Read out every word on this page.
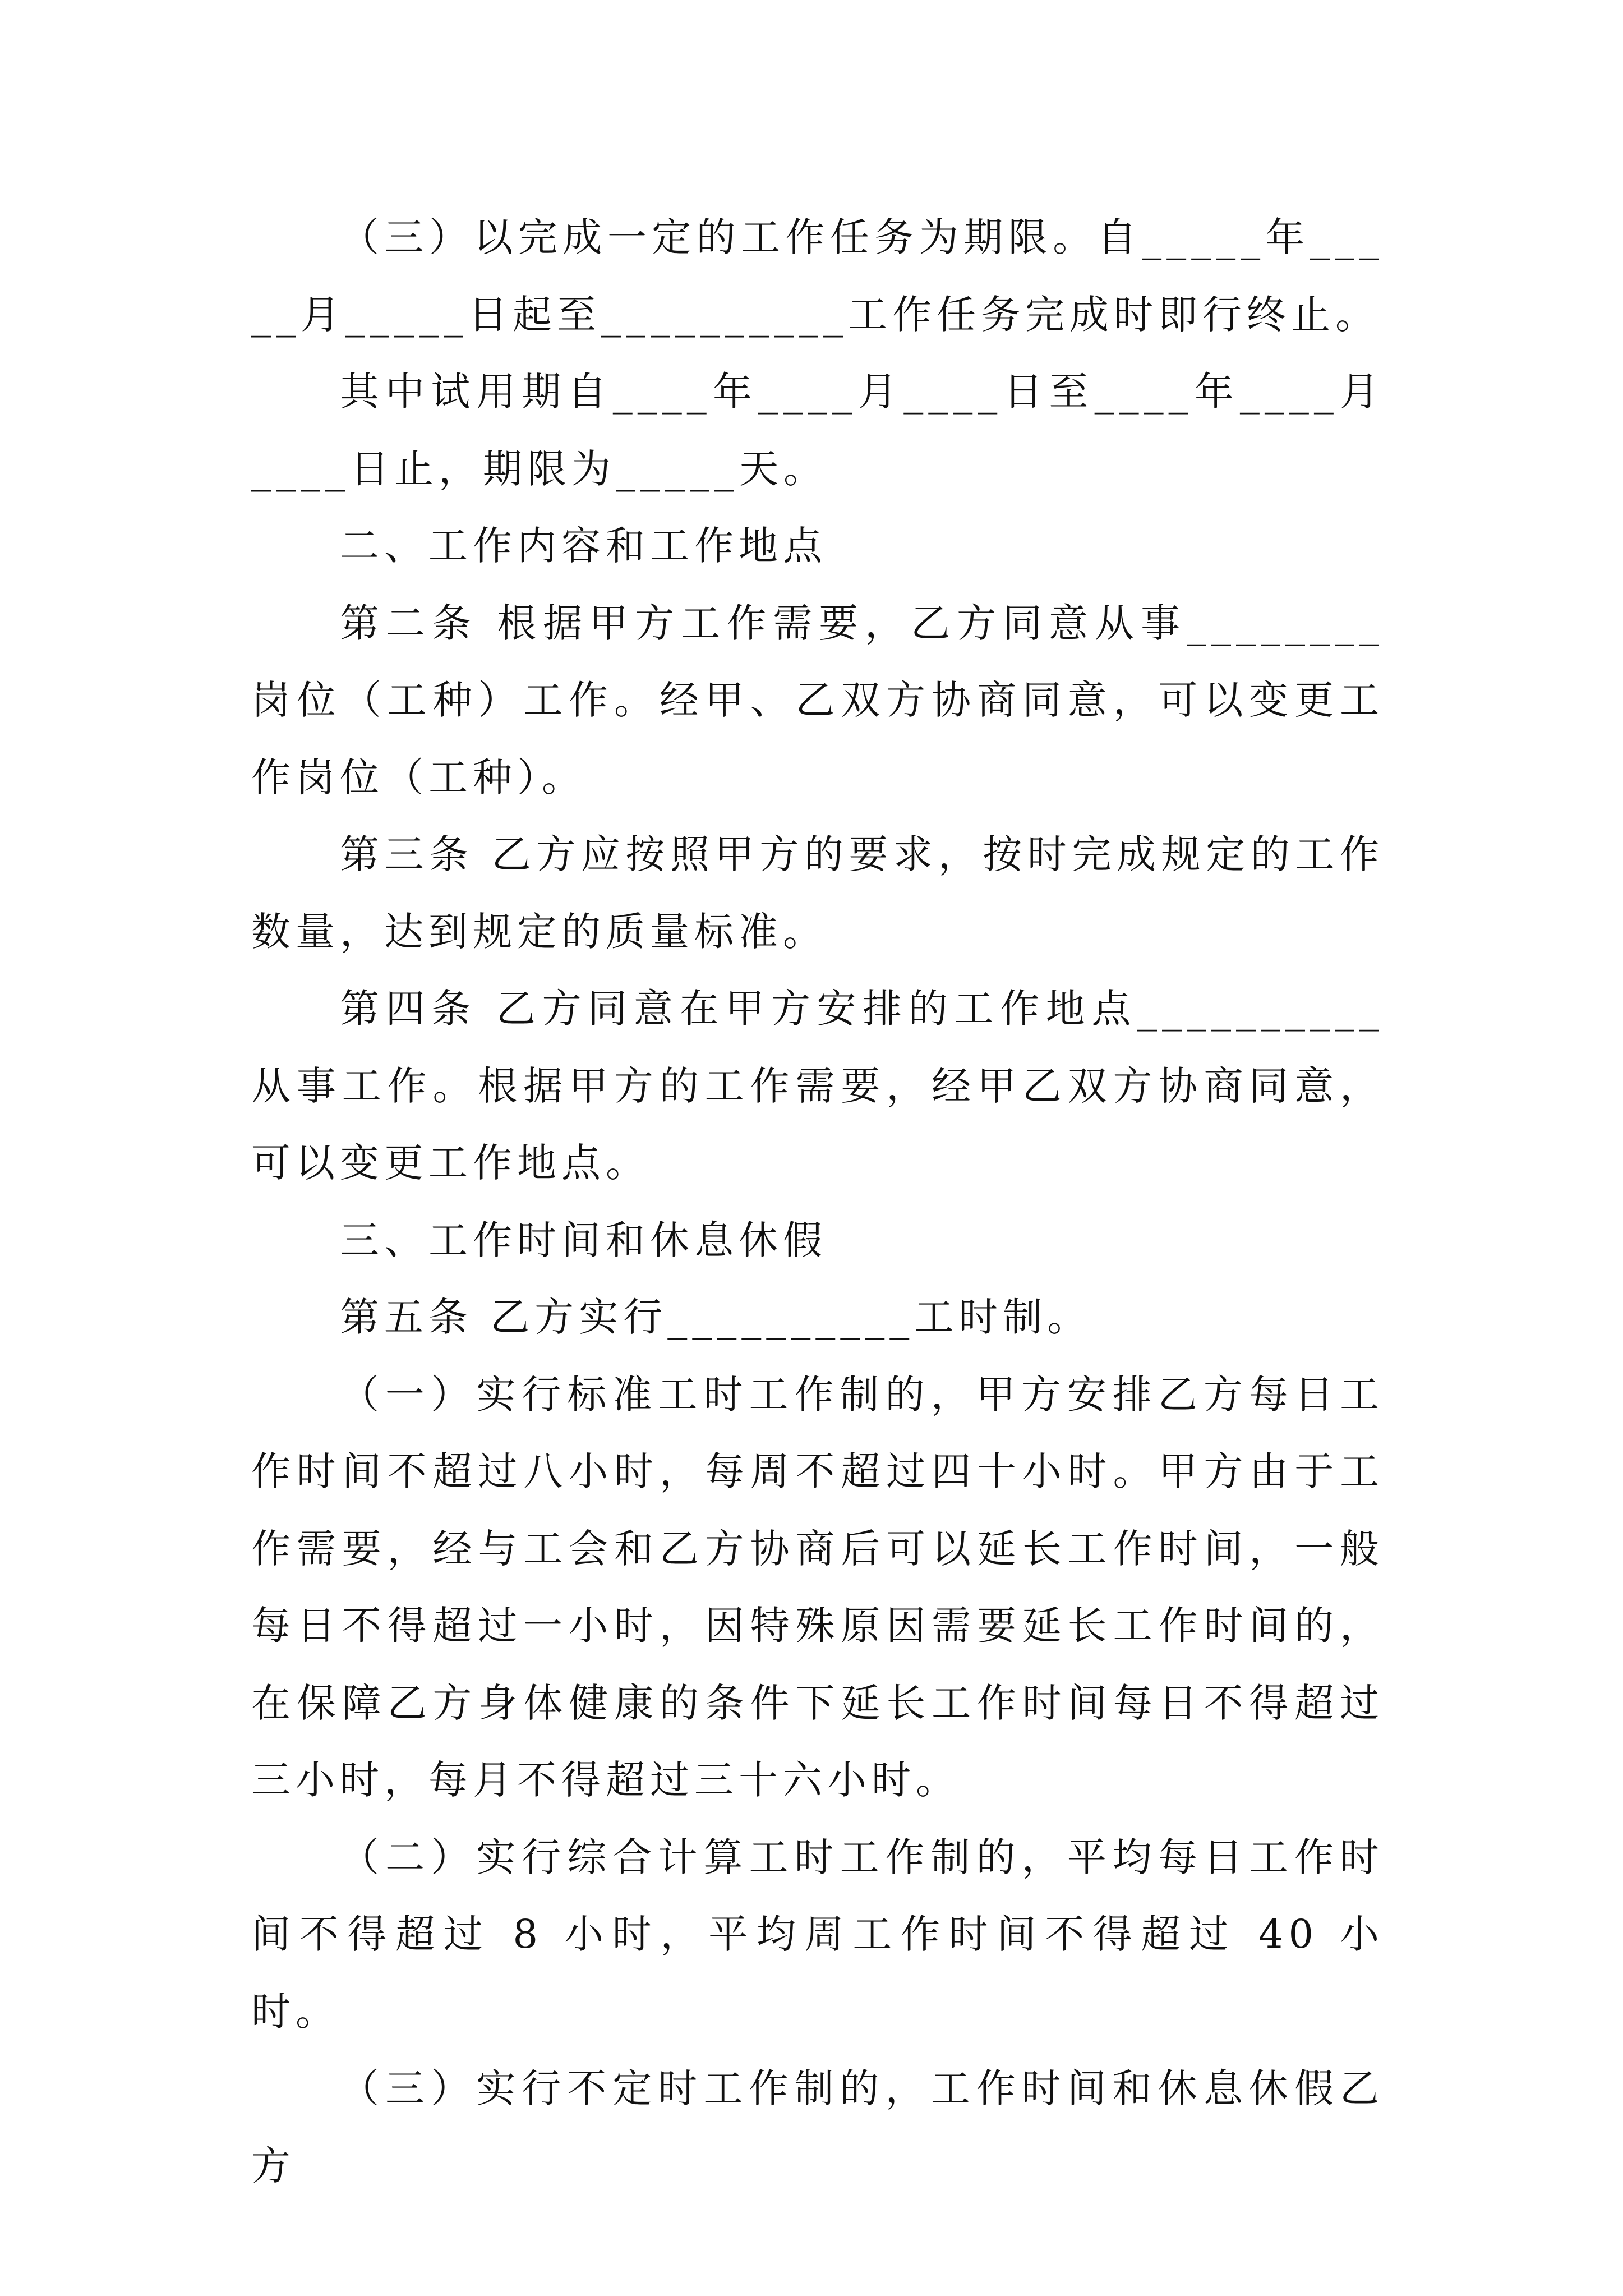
（三）以完成一定的工作任务为期限。自_____年_____月_____日起至__________工作任务完成时即行终止。

其中试用期自____年____月____日至____年____月____日止，期限为_____天。

二、工作内容和工作地点

第二条 根据甲方工作需要，乙方同意从事________岗位（工种）工作。经甲、乙双方协商同意，可以变更工作岗位（工种）。

第三条 乙方应按照甲方的要求，按时完成规定的工作数量，达到规定的质量标准。

第四条 乙方同意在甲方安排的工作地点__________从事工作。根据甲方的工作需要，经甲乙双方协商同意，可以变更工作地点。

三、工作时间和休息休假

第五条 乙方实行__________工时制。

（一）实行标准工时工作制的，甲方安排乙方每日工作时间不超过八小时，每周不超过四十小时。甲方由于工作需要，经与工会和乙方协商后可以延长工作时间，一般每日不得超过一小时，因特殊原因需要延长工作时间的，在保障乙方身体健康的条件下延长工作时间每日不得超过三小时，每月不得超过三十六小时。

（二）实行综合计算工时工作制的，平均每日工作时间不得超过 8 小时，平均周工作时间不得超过 40 小时。

（三）实行不定时工作制的，工作时间和休息休假乙方
